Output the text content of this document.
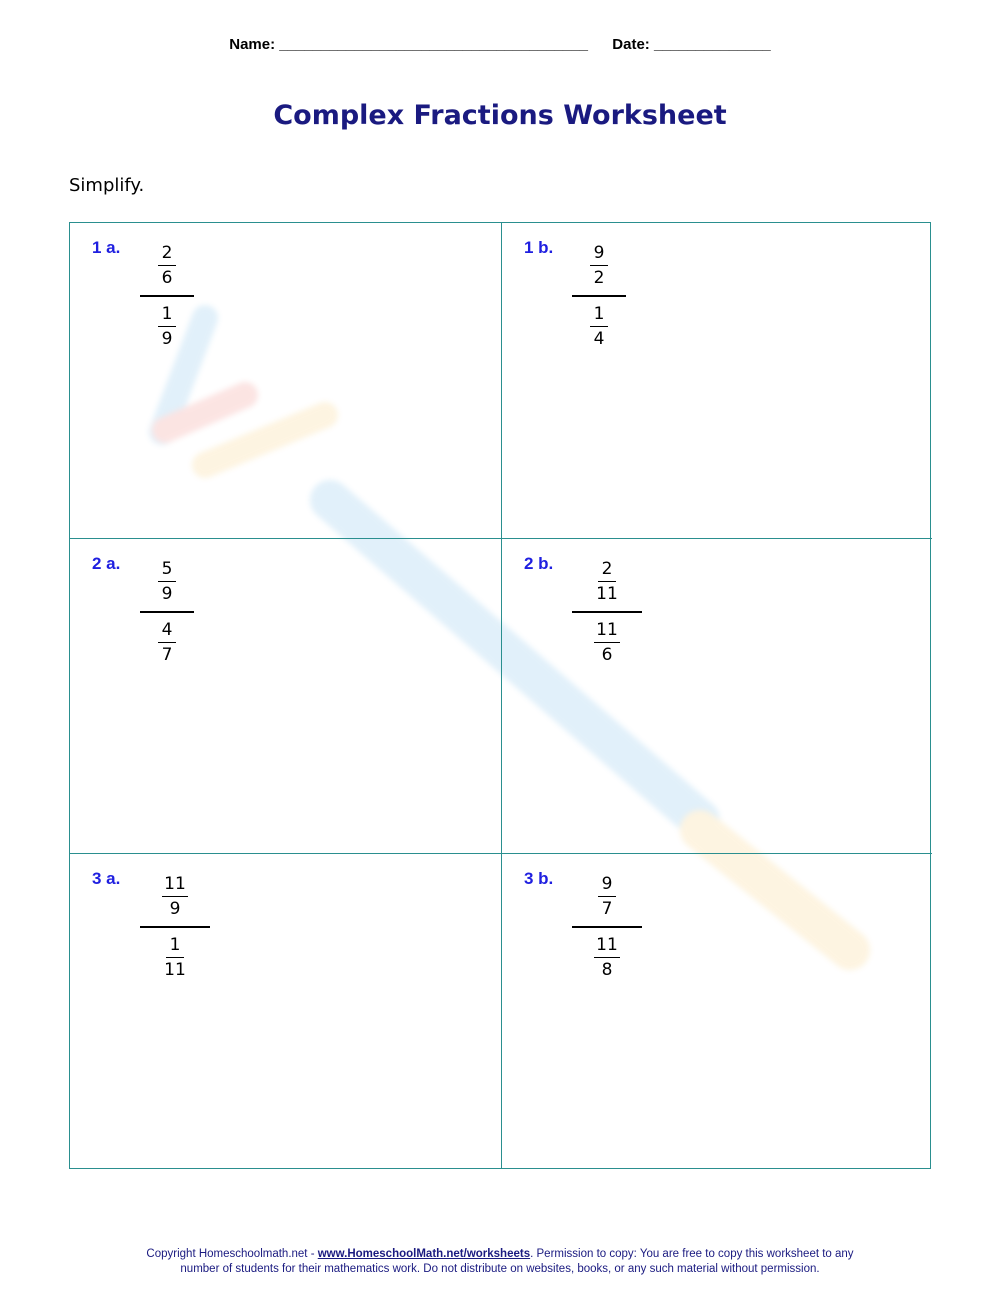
Name: _____________________________________ Date: ______________
Complex Fractions Worksheet
Simplify.
1 a. $\frac{2}{6}$
$\frac{1}{9}$
1 b. $\frac{9}{2}$
$\frac{1}{4}$
2 a. $\frac{5}{9}$
$\frac{4}{7}$
2 b. $\frac{2}{11}$
$\frac{11}{6}$
3 a. $\frac{11}{9}$
$\frac{1}{11}$
3 b.	$\frac{9}{7}$
$\frac{11}{8}$
Copyright Homeschoolmath.net - www.HomeschoolMath.net/worksheets. Permission to copy: You are free to copy this worksheet to any
number of students for their mathematics work. Do not distribute on websites, books, or any such material without permission.
